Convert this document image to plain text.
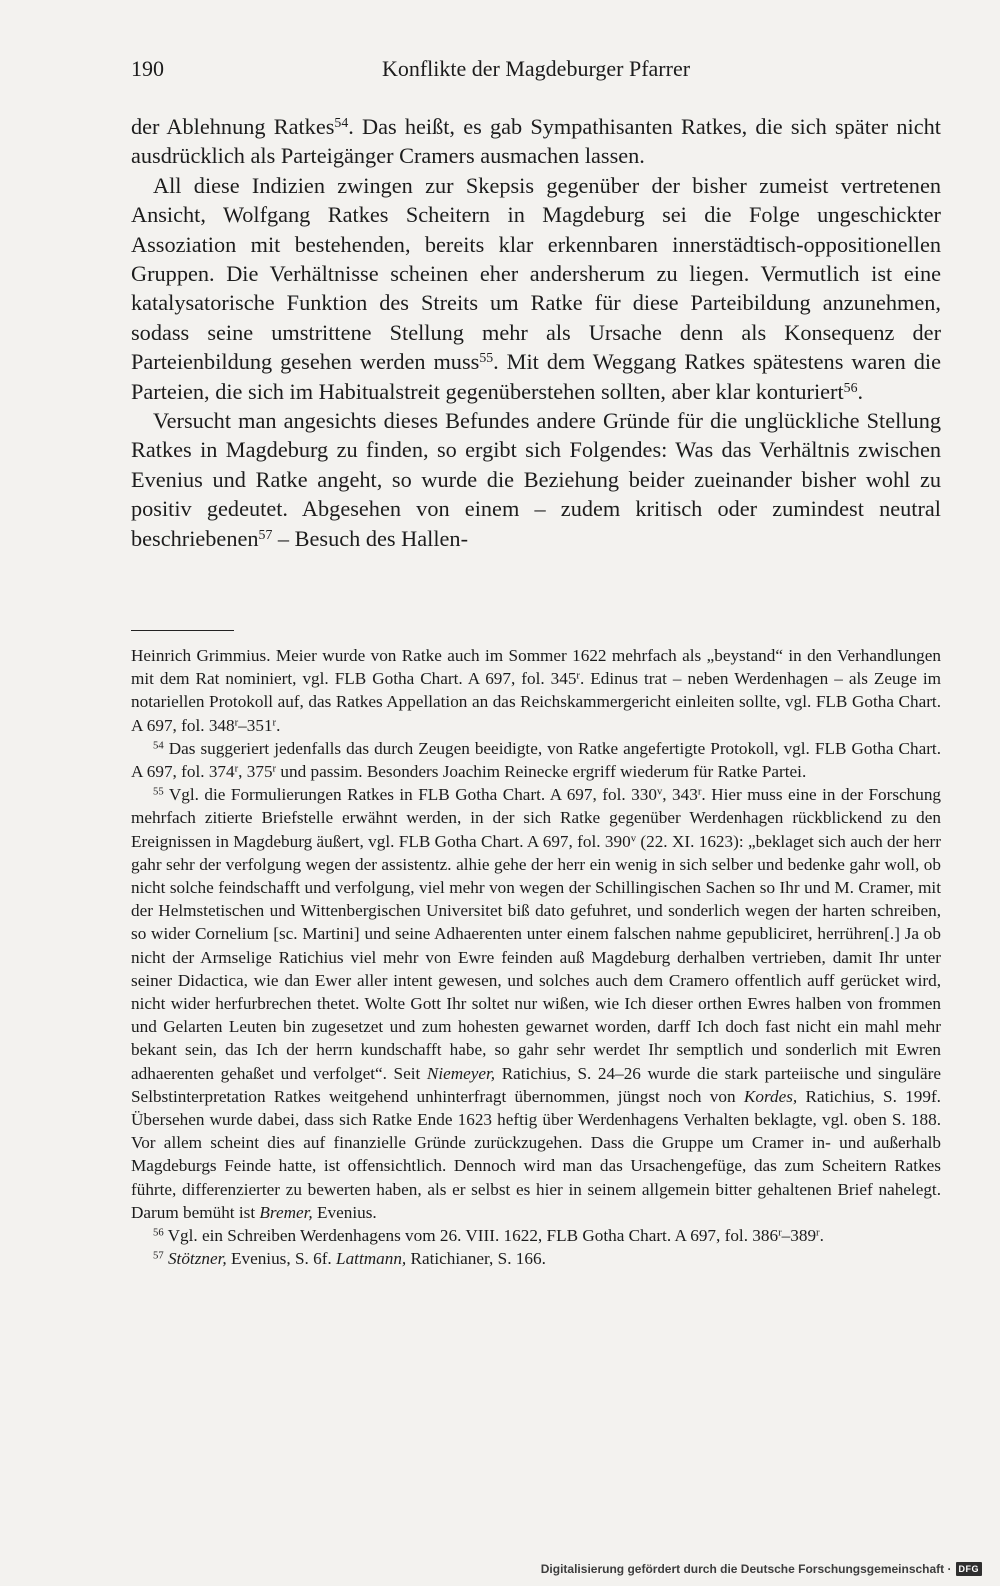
190	Konflikte der Magdeburger Pfarrer

der Ablehnung Ratkes$^{54}$. Das heißt, es gab Sympathisanten Ratkes, die sich später nicht ausdrücklich als Parteigänger Cramers ausmachen lassen.

All diese Indizien zwingen zur Skepsis gegenüber der bisher zumeist vertretenen Ansicht, Wolfgang Ratkes Scheitern in Magdeburg sei die Folge ungeschickter Assoziation mit bestehenden, bereits klar erkennbaren innerstädtisch-oppositionellen Gruppen. Die Verhältnisse scheinen eher andersherum zu liegen. Vermutlich ist eine katalysatorische Funktion des Streits um Ratke für diese Parteibildung anzunehmen, sodass seine umstrittene Stellung mehr als Ursache denn als Konsequenz der Parteienbildung gesehen werden muss$^{55}$. Mit dem Weggang Ratkes spätestens waren die Parteien, die sich im Habitualstreit gegenüberstehen sollten, aber klar konturiert$^{56}$.

Versucht man angesichts dieses Befundes andere Gründe für die unglückliche Stellung Ratkes in Magdeburg zu finden, so ergibt sich Folgendes: Was das Verhältnis zwischen Evenius und Ratke angeht, so wurde die Beziehung beider zueinander bisher wohl zu positiv gedeutet. Abgesehen von einem – zudem kritisch oder zumindest neutral beschriebenen$^{57}$ – Besuch des Hallen-

Heinrich Grimmius. Meier wurde von Ratke auch im Sommer 1622 mehrfach als „beystand“ in den Verhandlungen mit dem Rat nominiert, vgl. FLB Gotha Chart. A 697, fol. 345$^r$. Edinus trat – neben Werdenhagen – als Zeuge im notariellen Protokoll auf, das Ratkes Appellation an das Reichskammergericht einleiten sollte, vgl. FLB Gotha Chart. A 697, fol. 348$^r$–351$^r$.

$^{54}$ Das suggeriert jedenfalls das durch Zeugen beeidigte, von Ratke angefertigte Protokoll, vgl. FLB Gotha Chart. A 697, fol. 374$^r$, 375$^r$ und passim. Besonders Joachim Reinecke ergriff wiederum für Ratke Partei.

$^{55}$ Vgl. die Formulierungen Ratkes in FLB Gotha Chart. A 697, fol. 330$^v$, 343$^r$. Hier muss eine in der Forschung mehrfach zitierte Briefstelle erwähnt werden, in der sich Ratke gegenüber Werdenhagen rückblickend zu den Ereignissen in Magdeburg äußert, vgl. FLB Gotha Chart. A 697, fol. 390$^v$ (22. XI. 1623): „beklaget sich auch der herr gahr sehr der verfolgung wegen der assistentz. alhie gehe der herr ein wenig in sich selber und bedenke gahr woll, ob nicht solche feindschafft und verfolgung, viel mehr von wegen der Schillingischen Sachen so Ihr und M. Cramer, mit der Helmstetischen und Wittenbergischen Universitet biß dato gefuhret, und sonderlich wegen der harten schreiben, so wider Cornelium [sc. Martini] und seine Adhaerenten unter einem falschen nahme gepubliciret, herrühren[.] Ja ob nicht der Armselige Ratichius viel mehr von Ewre feinden auß Magdeburg derhalben vertrieben, damit Ihr unter seiner Didactica, wie dan Ewer aller intent gewesen, und solches auch dem Cramero offentlich auff gerücket wird, nicht wider herfurbrechen thetet. Wolte Gott Ihr soltet nur wißen, wie Ich dieser orthen Ewres halben von frommen und Gelarten Leuten bin zugesetzet und zum hohesten gewarnet worden, darff Ich doch fast nicht ein mahl mehr bekant sein, das Ich der herrn kundschafft habe, so gahr sehr werdet Ihr semptlich und sonderlich mit Ewren adhaerenten gehaßet und verfolget“. Seit Niemeyer, Ratichius, S. 24–26 wurde die stark parteiische und singuläre Selbstinterpretation Ratkes weitgehend unhinterfragt übernommen, jüngst noch von Kordes, Ratichius, S. 199f. Übersehen wurde dabei, dass sich Ratke Ende 1623 heftig über Werdenhagens Verhalten beklagte, vgl. oben S. 188. Vor allem scheint dies auf finanzielle Gründe zurückzugehen. Dass die Gruppe um Cramer in- und außerhalb Magdeburgs Feinde hatte, ist offensichtlich. Dennoch wird man das Ursachengefüge, das zum Scheitern Ratkes führte, differenzierter zu bewerten haben, als er selbst es hier in seinem allgemein bitter gehaltenen Brief nahelegt. Darum bemüht ist Bremer, Evenius.

$^{56}$ Vgl. ein Schreiben Werdenhagens vom 26. VIII. 1622, FLB Gotha Chart. A 697, fol. 386$^r$–389$^r$.

$^{57}$ Stötzner, Evenius, S. 6f. Lattmann, Ratichianer, S. 166.

Digitalisierung gefördert durch die Deutsche Forschungsgemeinschaft · DFG
